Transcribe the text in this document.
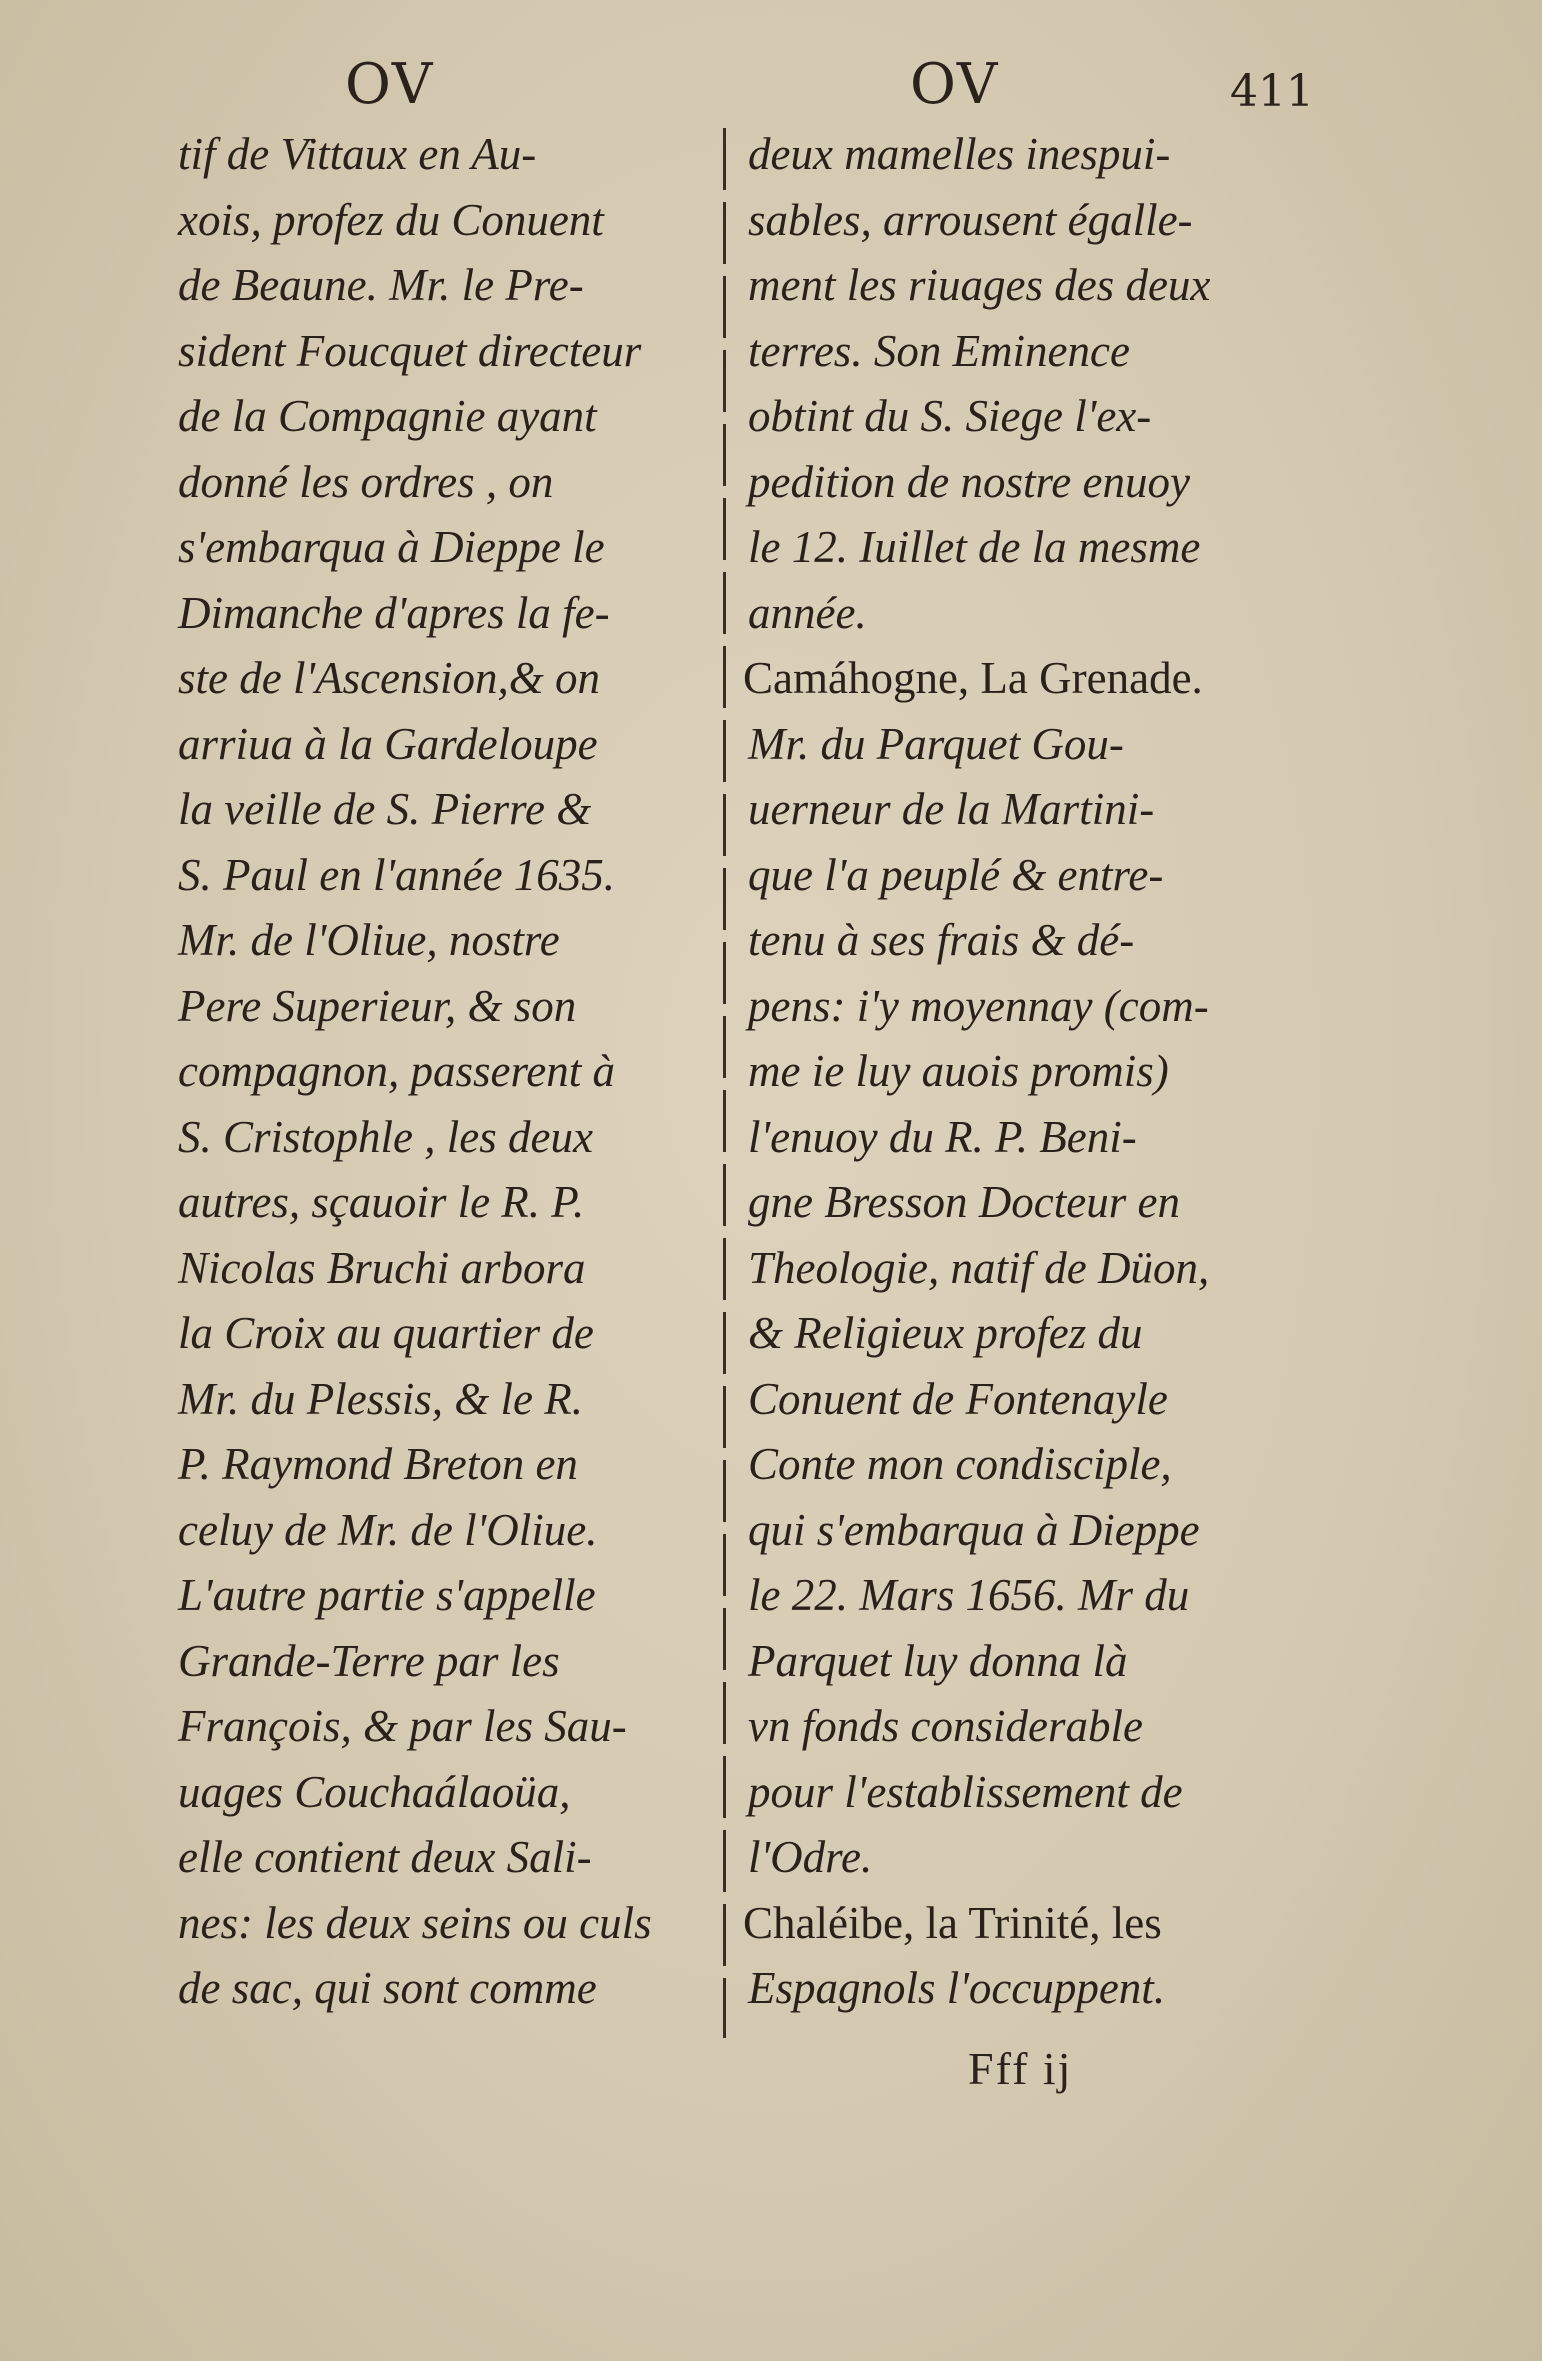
OV	OV	411
tif de Vittaux en Au-
xois, profez du Conuent
de Beaune. Mr. le Pre-
sident Foucquet directeur
de la Compagnie ayant
donné les ordres , on
s'embarqua à Dieppe le
Dimanche d'apres la fe-
ste de l'Ascension,& on
arriua à la Gardeloupe
la veille de S. Pierre &
S. Paul en l'année 1635.
Mr. de l'Oliue, nostre
Pere Superieur, & son
compagnon, passerent à
S. Cristophle , les deux
autres, sçauoir le R. P.
Nicolas Bruchi arbora
la Croix au quartier de
Mr. du Plessis, & le R.
P. Raymond Breton en
celuy de Mr. de l'Oliue.
L'autre partie s'appelle
Grande-Terre par les
François, & par les Sau-
uages Couchaálaoüa,
elle contient deux Sali-
nes: les deux seins ou culs
de sac, qui sont comme
deux mamelles inespui-
sables, arrousent égalle-
ment les riuages des deux
terres. Son Eminence
obtint du S. Siege l'ex-
pedition de nostre enuoy
le 12. Iuillet de la mesme
année.
Camáhogne, La Grenade.
Mr. du Parquet Gou-
uerneur de la Martini-
que l'a peuplé & entre-
tenu à ses frais & dé-
pens: i'y moyennay (com-
me ie luy auois promis)
l'enuoy du R. P. Beni-
gne Bresson Docteur en
Theologie, natif de Düon,
& Religieux profez du
Conuent de Fontenayle
Conte mon condisciple,
qui s'embarqua à Dieppe
le 22. Mars 1656. Mr du
Parquet luy donna là
vn fonds considerable
pour l'establissement de
l'Odre.
Chaléibe, la Trinité, les
Espagnols l'occuppent.
Fff ij
